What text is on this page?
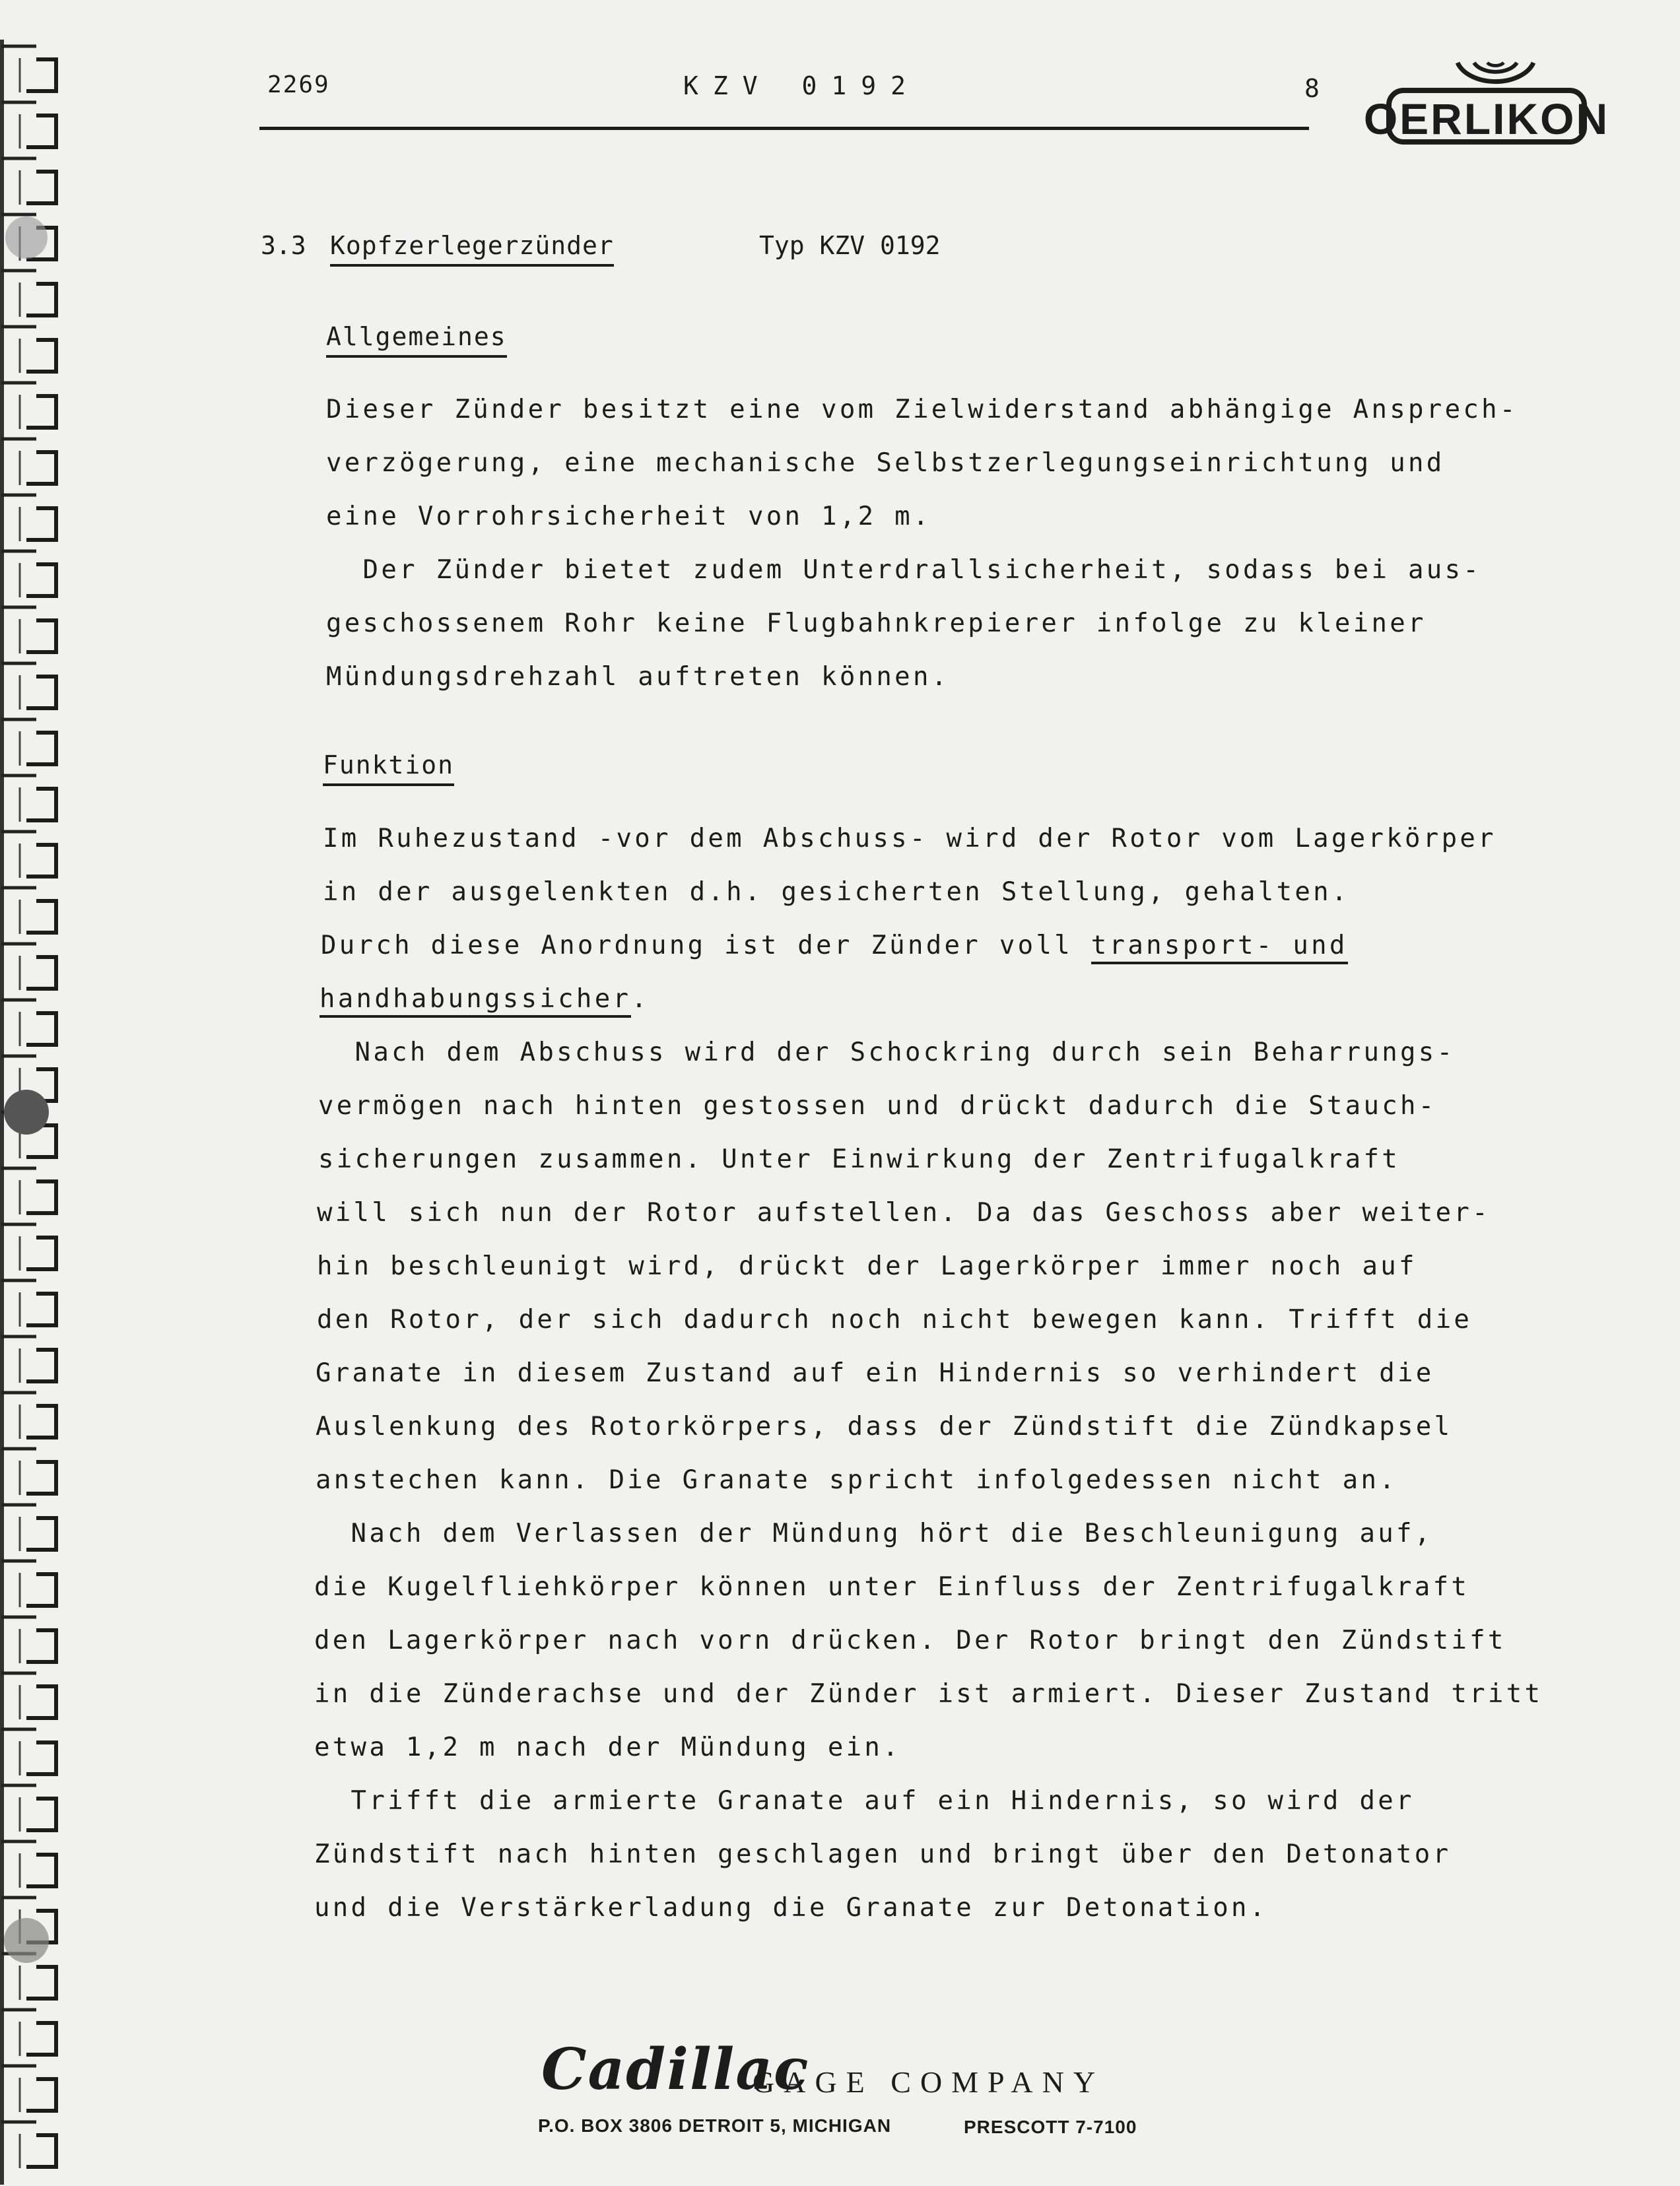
2269	KZV 0192	8
OERLIKON
3.3 Kopfzerlegerzünder	Typ KZV 0192
Allgemeines
Dieser Zünder besitzt eine vom Zielwiderstand abhängige Ansprech-
verzögerung, eine mechanische Selbstzerlegungseinrichtung und
eine Vorrohrsicherheit von 1,2 m.
Der Zünder bietet zudem Unterdrallsicherheit, sodass bei aus-
geschossenem Rohr keine Flugbahnkrepierer infolge zu kleiner
Mündungsdrehzahl auftreten können.
Funktion
Im Ruhezustand -vor dem Abschuss- wird der Rotor vom Lagerkörper
in der ausgelenkten d.h. gesicherten Stellung, gehalten.
Durch diese Anordnung ist der Zünder voll transport- und
handhabungssicher.
Nach dem Abschuss wird der Schockring durch sein Beharrungs-
vermögen nach hinten gestossen und drückt dadurch die Stauch-
sicherungen zusammen. Unter Einwirkung der Zentrifugalkraft
will sich nun der Rotor aufstellen. Da das Geschoss aber weiter-
hin beschleunigt wird, drückt der Lagerkörper immer noch auf
den Rotor, der sich dadurch noch nicht bewegen kann. Trifft die
Granate in diesem Zustand auf ein Hindernis so verhindert die
Auslenkung des Rotorkörpers, dass der Zündstift die Zündkapsel
anstechen kann. Die Granate spricht infolgedessen nicht an.
Nach dem Verlassen der Mündung hört die Beschleunigung auf,
die Kugelfliehkörper können unter Einfluss der Zentrifugalkraft
den Lagerkörper nach vorn drücken. Der Rotor bringt den Zündstift
in die Zünderachse und der Zünder ist armiert. Dieser Zustand tritt
etwa 1,2 m nach der Mündung ein.
Trifft die armierte Granate auf ein Hindernis, so wird der
Zündstift nach hinten geschlagen und bringt über den Detonator
und die Verstärkerladung die Granate zur Detonation.
Cadillac
GAGE COMPANY
P.O. BOX 3806 DETROIT 5, MICHIGAN	PRESCOTT 7-7100
